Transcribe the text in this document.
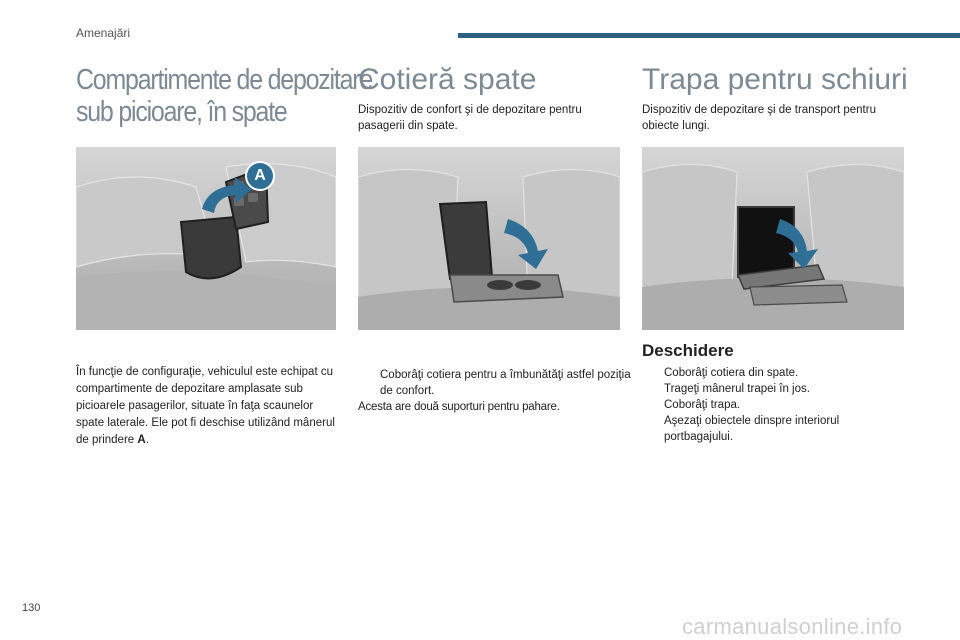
Amenajări
Compartimente de depozitare
sub picioare, în spate
A
În funcţie de configuraţie, vehiculul este echipat cu compartimente de depozitare amplasate sub picioarele pasagerilor, situate în faţa scaunelor spate laterale. Ele pot fi deschise utilizând mânerul de prindere A.
Cotieră spate
Dispozitiv de confort şi de depozitare pentru pasagerii din spate.
Coborâţi cotiera pentru a îmbunătăţi astfel poziţia de confort.
Acesta are două suporturi pentru pahare.
Trapa pentru schiuri
Dispozitiv de depozitare şi de transport pentru obiecte lungi.
Deschidere
Coborâţi cotiera din spate.
Trageţi mânerul trapei în jos.
Coborâţi trapa.
Aşezaţi obiectele dinspre interiorul portbagajului.
130
carmanualsonline.info
